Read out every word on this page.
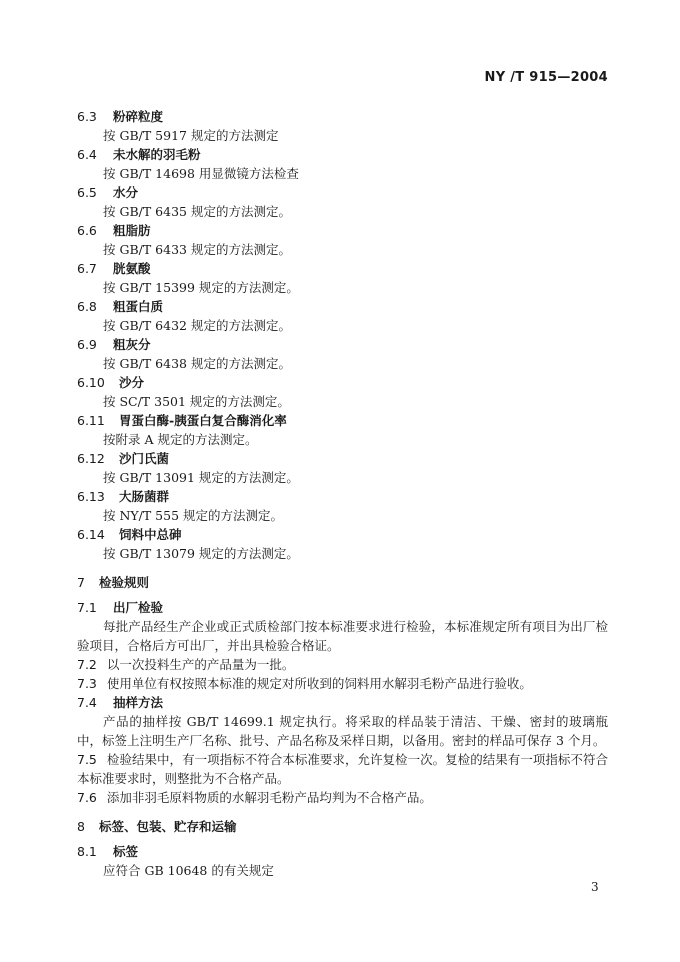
NY /T 915—2004
6.3 粉碎粒度
按 GB/T 5917 规定的方法测定
6.4 未水解的羽毛粉
按 GB/T 14698 用显微镜方法检查
6.5 水分
按 GB/T 6435 规定的方法测定。
6.6 粗脂肪
按 GB/T 6433 规定的方法测定。
6.7 胱氨酸
按 GB/T 15399 规定的方法测定。
6.8 粗蛋白质
按 GB/T 6432 规定的方法测定。
6.9 粗灰分
按 GB/T 6438 规定的方法测定。
6.10 沙分
按 SC/T 3501 规定的方法测定。
6.11 胃蛋白酶-胰蛋白复合酶消化率
按附录 A 规定的方法测定。
6.12 沙门氏菌
按 GB/T 13091 规定的方法测定。
6.13 大肠菌群
按 NY/T 555 规定的方法测定。
6.14 饲料中总砷
按 GB/T 13079 规定的方法测定。
7 检验规则
7.1 出厂检验
每批产品经生产企业或正式质检部门按本标准要求进行检验，本标准规定所有项目为出厂检验项目，合格后方可出厂，并出具检验合格证。
7.2 以一次投料生产的产品量为一批。
7.3 使用单位有权按照本标准的规定对所收到的饲料用水解羽毛粉产品进行验收。
7.4 抽样方法
产品的抽样按 GB/T 14699.1 规定执行。将采取的样品装于清洁、干燥、密封的玻璃瓶中，标签上注明生产厂名称、批号、产品名称及采样日期，以备用。密封的样品可保存 3 个月。
7.5 检验结果中，有一项指标不符合本标准要求，允许复检一次。复检的结果有一项指标不符合本标准要求时，则整批为不合格产品。
7.6 添加非羽毛原料物质的水解羽毛粉产品均判为不合格产品。
8 标签、包装、贮存和运输
8.1 标签
应符合 GB 10648 的有关规定
3
